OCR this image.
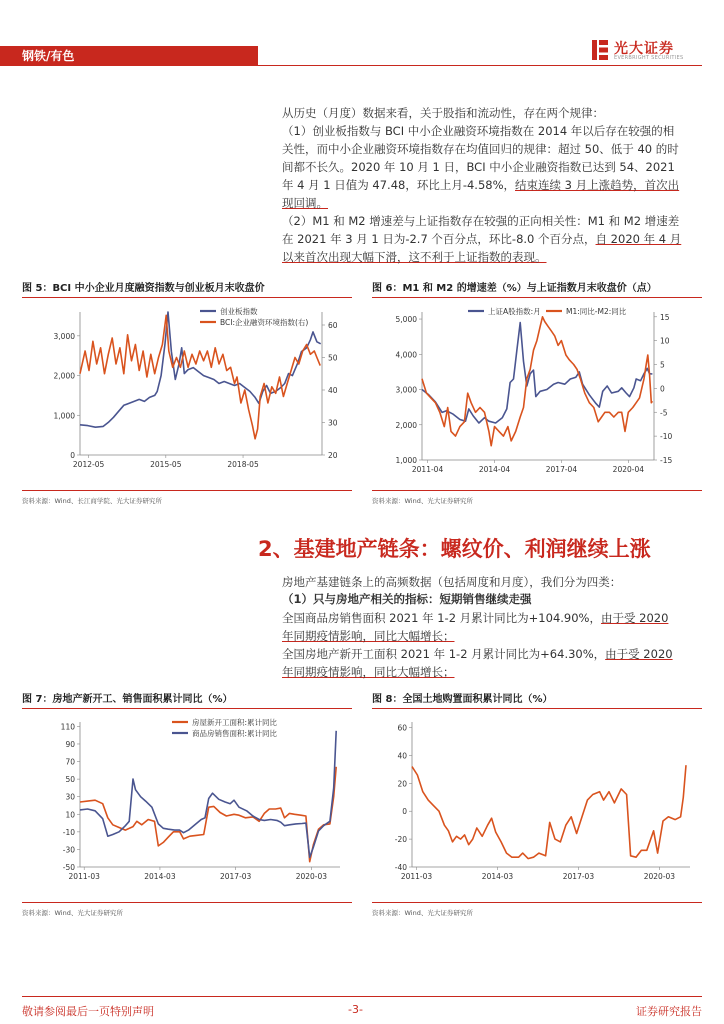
钢铁/有色	光大证券
EVERBRIGHT SECURITIES
从历史（月度）数据来看，关于股指和流动性，存在两个规律：
（1）创业板指数与 BCI 中小企业融资环境指数在 2014 年以后存在较强的相关性，而中小企业融资环境指数存在均值回归的规律：超过 50、低于 40 的时间都不长久。2020 年 10 月 1 日，BCI 中小企业融资指数已达到 54、2021 年 4 月 1 日值为 47.48，环比上月-4.58%，结束连续 3 月上涨趋势，首次出现回调。
（2）M1 和 M2 增速差与上证指数存在较强的正向相关性：M1 和 M2 增速差在 2021 年 3 月 1 日为-2.7 个百分点，环比-8.0 个百分点，自 2020 年 4 月以来首次出现大幅下滑，这不利于上证指数的表现。
图 5：BCI 中小企业月度融资指数与创业板月末收盘价
0
1,000
2,000
3,000
20
30
40
50
60
2012-05	2015-05	2018-05
创业板指数
BCI:企业融资环境指数(右)
资料来源：Wind、长江商学院、光大证券研究所
图 6：M1 和 M2 的增速差（%）与上证指数月末收盘价（点）
1,000
2,000
3,000
4,000
5,000
-15
-10
-5
0
5
10
15
2011-04	2014-04	2017-04	2020-04
上证A股指数:月	M1:同比-M2:同比
资料来源：Wind、光大证券研究所
2、基建地产链条：螺纹价、利润继续上涨
房地产基建链条上的高频数据（包括周度和月度），我们分为四类：
（1）只与房地产相关的指标：短期销售继续走强
全国商品房销售面积 2021 年 1-2 月累计同比为+104.90%，由于受 2020 年同期疫情影响，同比大幅增长；
全国房地产新开工面积 2021 年 1-2 月累计同比为+64.30%，由于受 2020 年同期疫情影响，同比大幅增长；
图 7：房地产新开工、销售面积累计同比（%）
-50
-30
-10
10
30
50
70
90
110
2011-03	2014-03	2017-03	2020-03
房屋新开工面积:累计同比
商品房销售面积:累计同比
资料来源：Wind、光大证券研究所
图 8：全国土地购置面积累计同比（%）
-40
-20
0
20
40
60
2011-03	2014-03	2017-03	2020-03
资料来源：Wind、光大证券研究所
敬请参阅最后一页特别声明	-3-	证券研究报告
